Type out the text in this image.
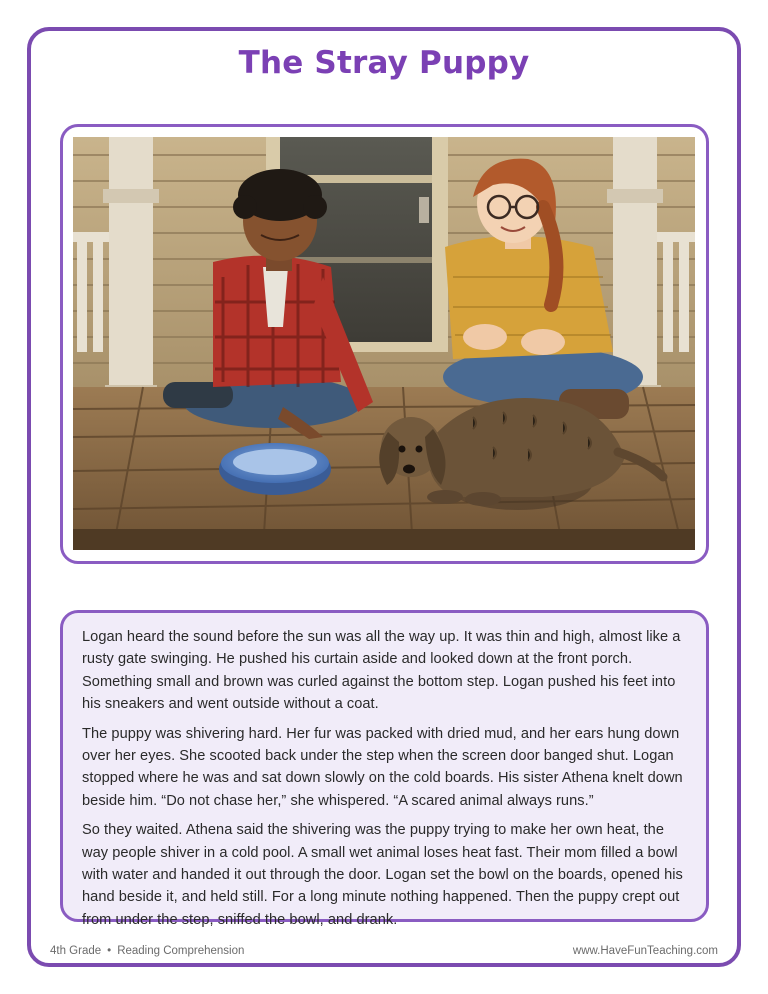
The Stray Puppy

Logan heard the sound before the sun was all the way up. It was thin and high, almost like a rusty gate swinging. He pushed his curtain aside and looked down at the front porch. Something small and brown was curled against the bottom step. Logan pushed his feet into his sneakers and went outside without a coat.

The puppy was shivering hard. Her fur was packed with dried mud, and her ears hung down over her eyes. She scooted back under the step when the screen door banged shut. Logan stopped where he was and sat down slowly on the cold boards. His sister Athena knelt down beside him. “Do not chase her,” she whispered. “A scared animal always runs.”

So they waited. Athena said the shivering was the puppy trying to make her own heat, the way people shiver in a cold pool. A small wet animal loses heat fast. Their mom filled a bowl with water and handed it out through the door. Logan set the bowl on the boards, opened his hand beside it, and held still. For a long minute nothing happened. Then the puppy crept out from under the step, sniffed the bowl, and drank.

4th Grade • Reading Comprehension	www.HaveFunTeaching.com
